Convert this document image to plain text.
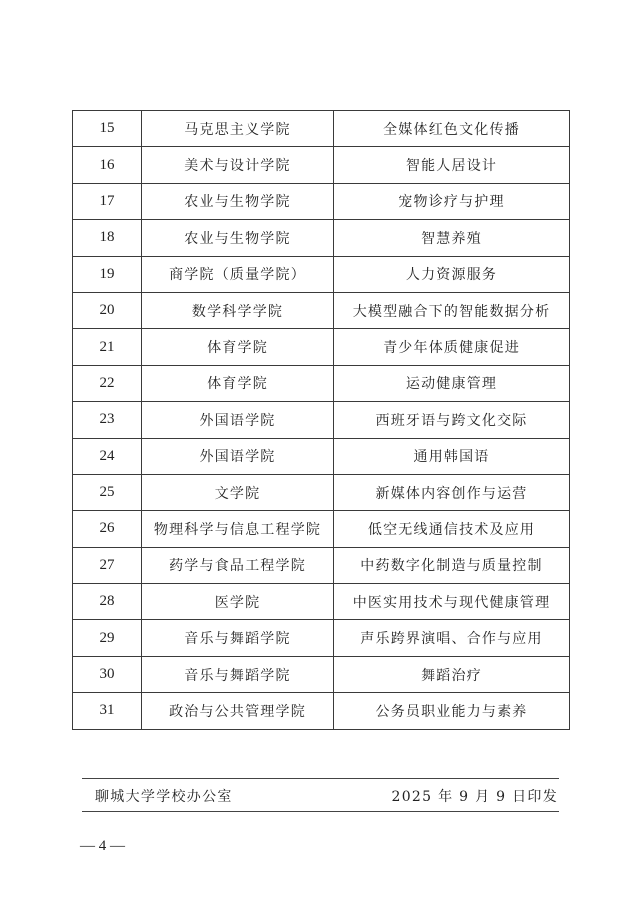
15	马克思主义学院	全媒体红色文化传播
16	美术与设计学院	智能人居设计
17	农业与生物学院	宠物诊疗与护理
18	农业与生物学院	智慧养殖
19	商学院（质量学院）	人力资源服务
20	数学科学学院	大模型融合下的智能数据分析
21	体育学院	青少年体质健康促进
22	体育学院	运动健康管理
23	外国语学院	西班牙语与跨文化交际
24	外国语学院	通用韩国语
25	文学院	新媒体内容创作与运营
26	物理科学与信息工程学院	低空无线通信技术及应用
27	药学与食品工程学院	中药数字化制造与质量控制
28	医学院	中医实用技术与现代健康管理
29	音乐与舞蹈学院	声乐跨界演唱、合作与应用
30	音乐与舞蹈学院	舞蹈治疗
31	政治与公共管理学院	公务员职业能力与素养
聊城大学学校办公室	2025 年 9 月 9 日印发
— 4 —
